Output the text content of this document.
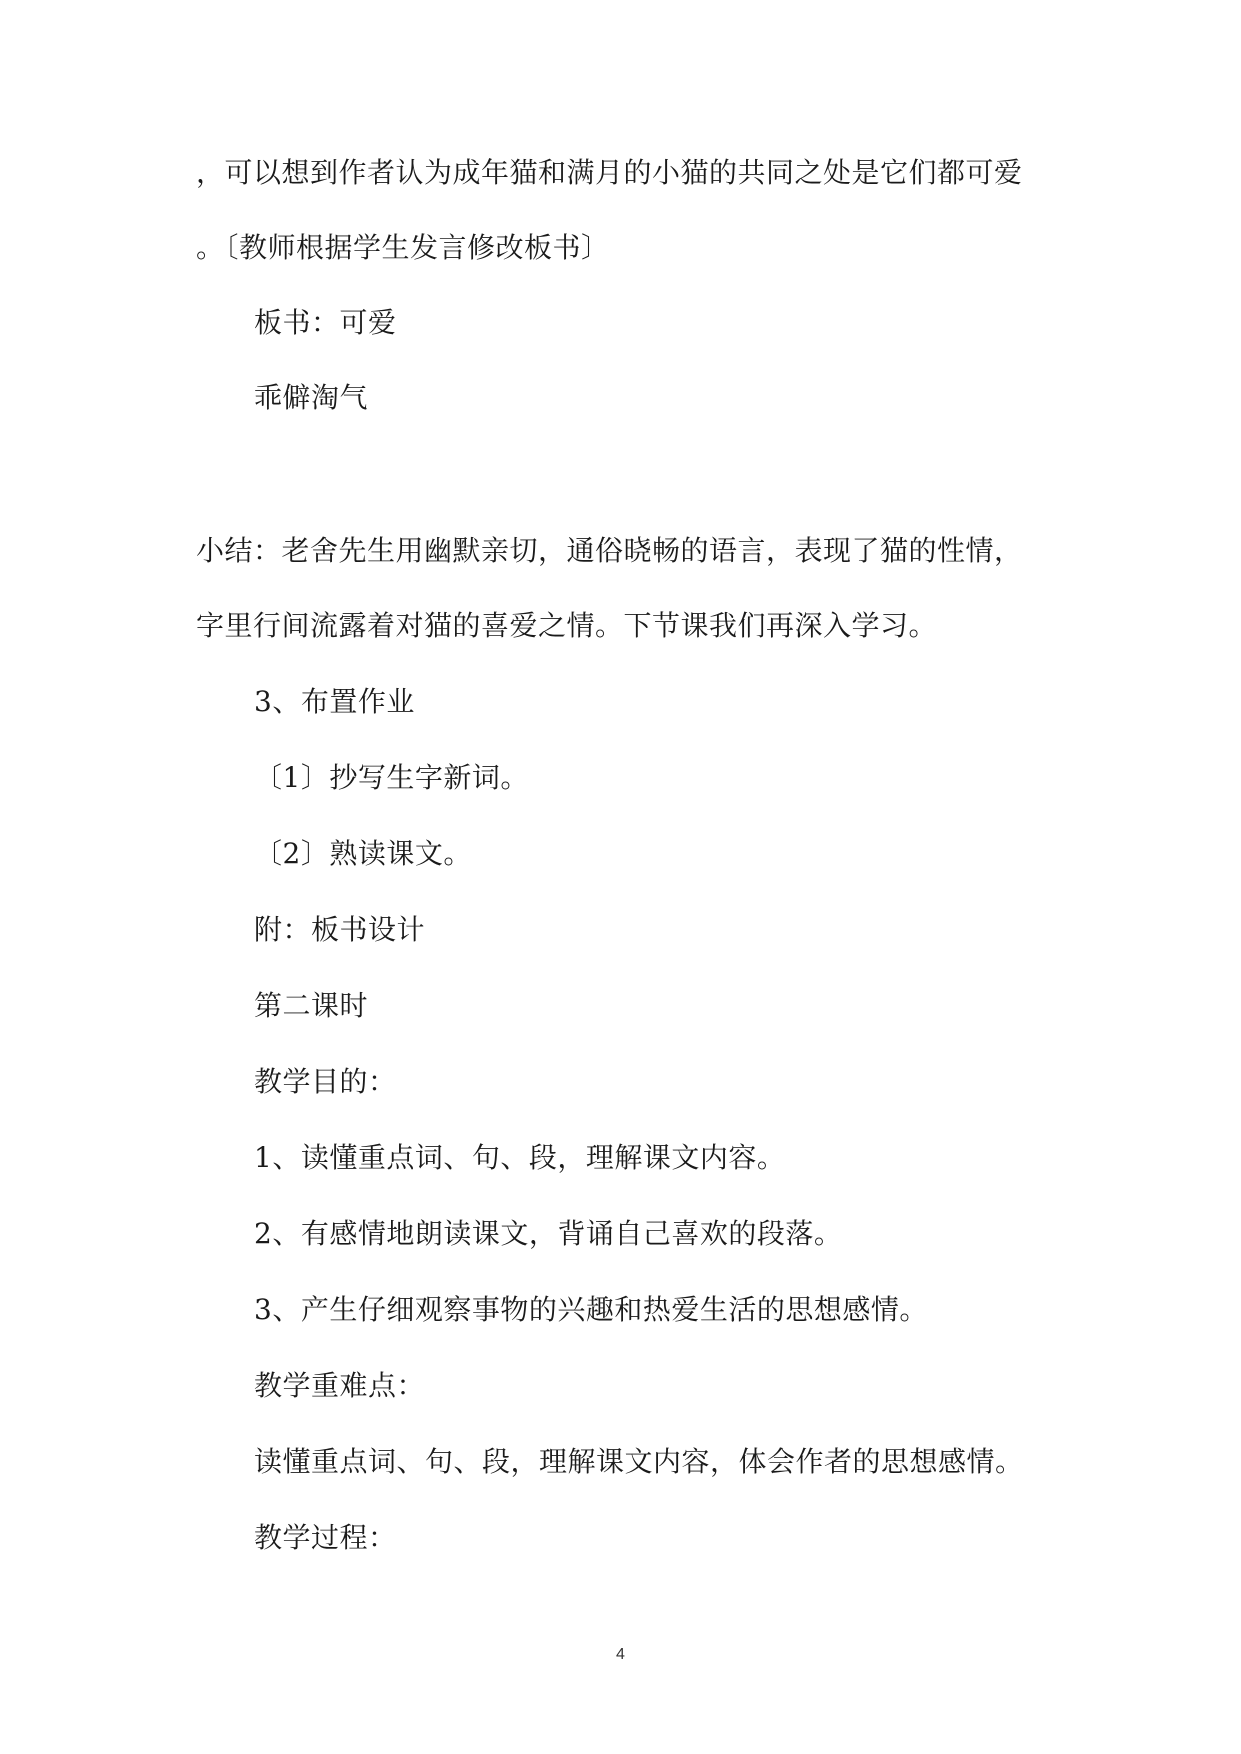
，可以想到作者认为成年猫和满月的小猫的共同之处是它们都可爱
。〔教师根据学生发言修改板书〕
板书：可爱
乖僻淘气
小结：老舍先生用幽默亲切，通俗晓畅的语言，表现了猫的性情，
字里行间流露着对猫的喜爱之情。下节课我们再深入学习。
3、布置作业
〔1〕抄写生字新词。
〔2〕熟读课文。
附：板书设计
第二课时
教学目的：
1、读懂重点词、句、段，理解课文内容。
2、有感情地朗读课文，背诵自己喜欢的段落。
3、产生仔细观察事物的兴趣和热爱生活的思想感情。
教学重难点：
读懂重点词、句、段，理解课文内容，体会作者的思想感情。
教学过程：
4
